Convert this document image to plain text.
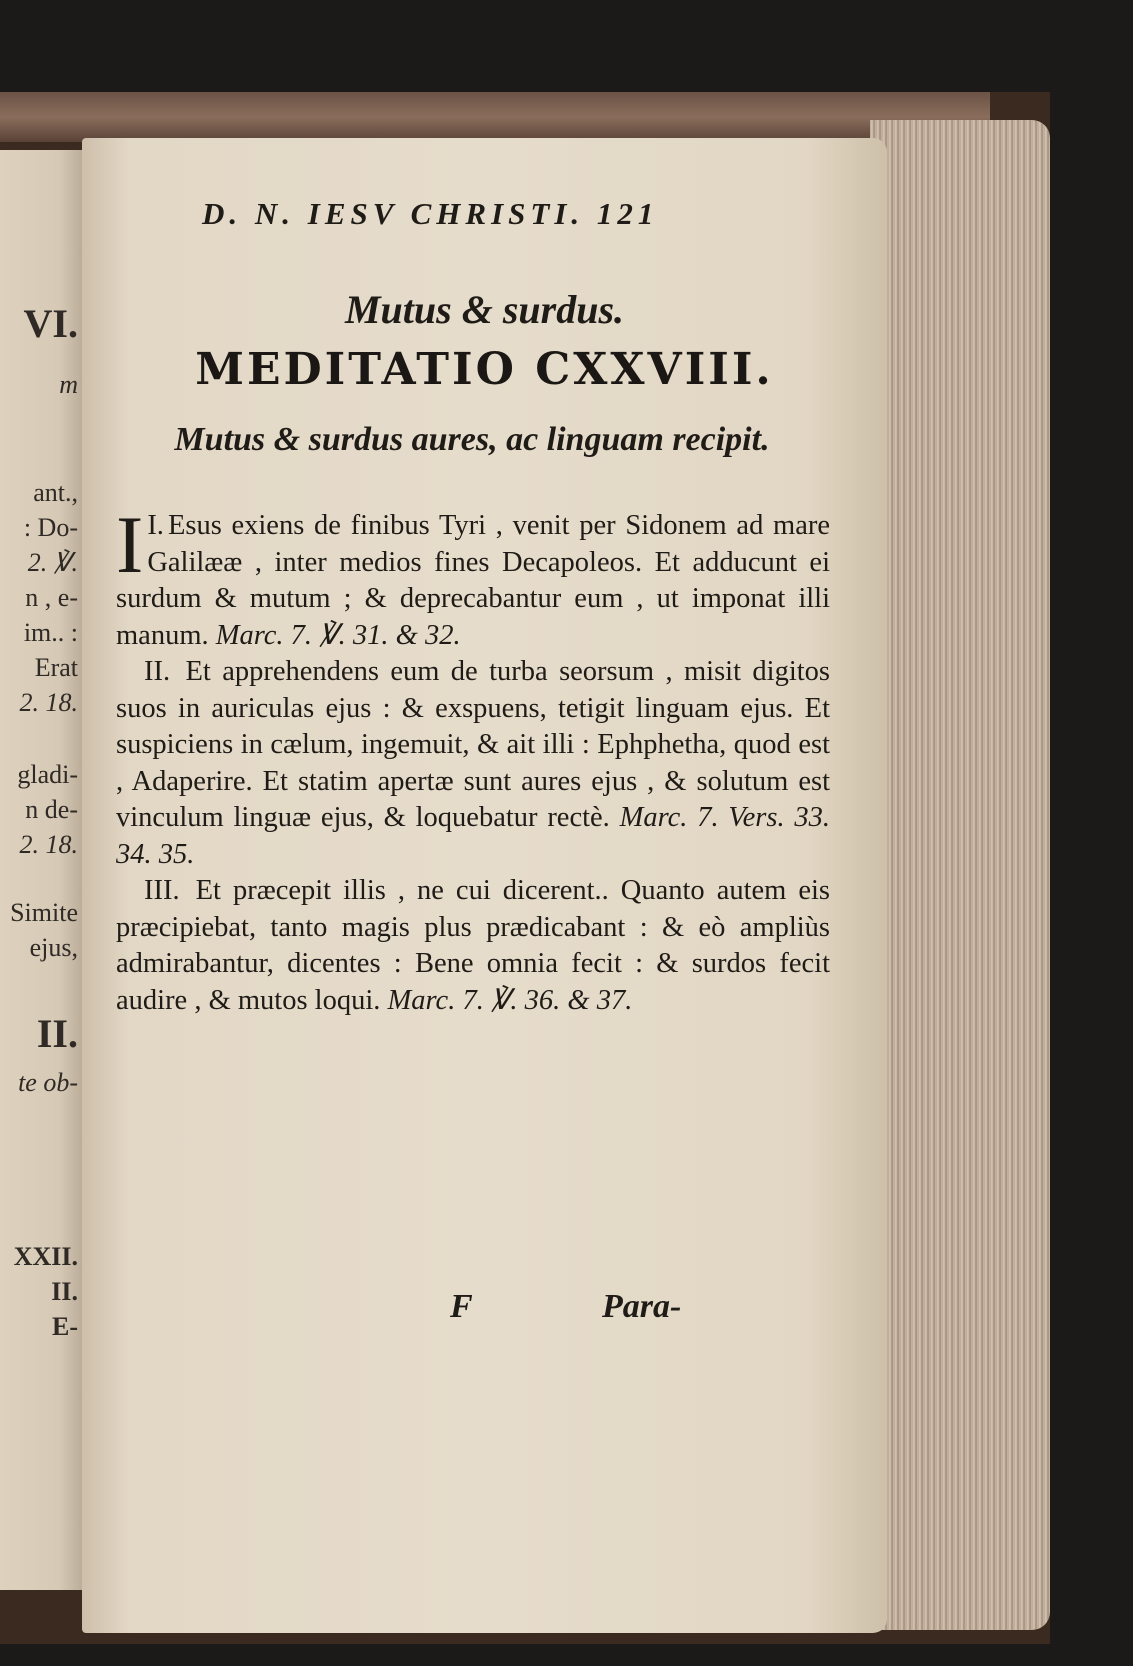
VI.

m

ant.,

: Do-

2. ℣.

n , e-

im.. :

Erat

2. 18.

gladi-

n de-

2. 18.

Simite

ejus,

II.

te ob-

XXII.

II.

E-

D. N. IESV CHRISTI. 121

Mutus & surdus.

MEDITATIO CXXVIII.
Mutus & surdus aures, ac linguam recipit.

I.
I Esus exiens de finibus Tyri , venit per Sidonem ad mare Galilææ , inter medios fines Decapoleos. Et adducunt ei surdum & mutum ; & deprecabantur eum , ut imponat illi manum. Marc. 7. ℣. 31. & 32.

II. Et apprehendens eum de turba seorsum , misit digitos suos in auriculas ejus : & exspuens, tetigit linguam ejus. Et suspiciens in cælum, ingemuit, & ait illi : Ephphetha, quod est , Adaperire. Et statim apertæ sunt aures ejus , & solutum est vinculum linguæ ejus, & loquebatur rectè. Marc. 7. Vers. 33. 34. 35.

III. Et præcepit illis , ne cui dicerent.. Quanto autem eis præcipiebat, tanto magis plus prædicabant : & eò ampliùs admirabantur, dicentes : Bene omnia fecit : & surdos fecit audire , & mutos loqui. Marc. 7. ℣. 36. & 37.

F	Para-
